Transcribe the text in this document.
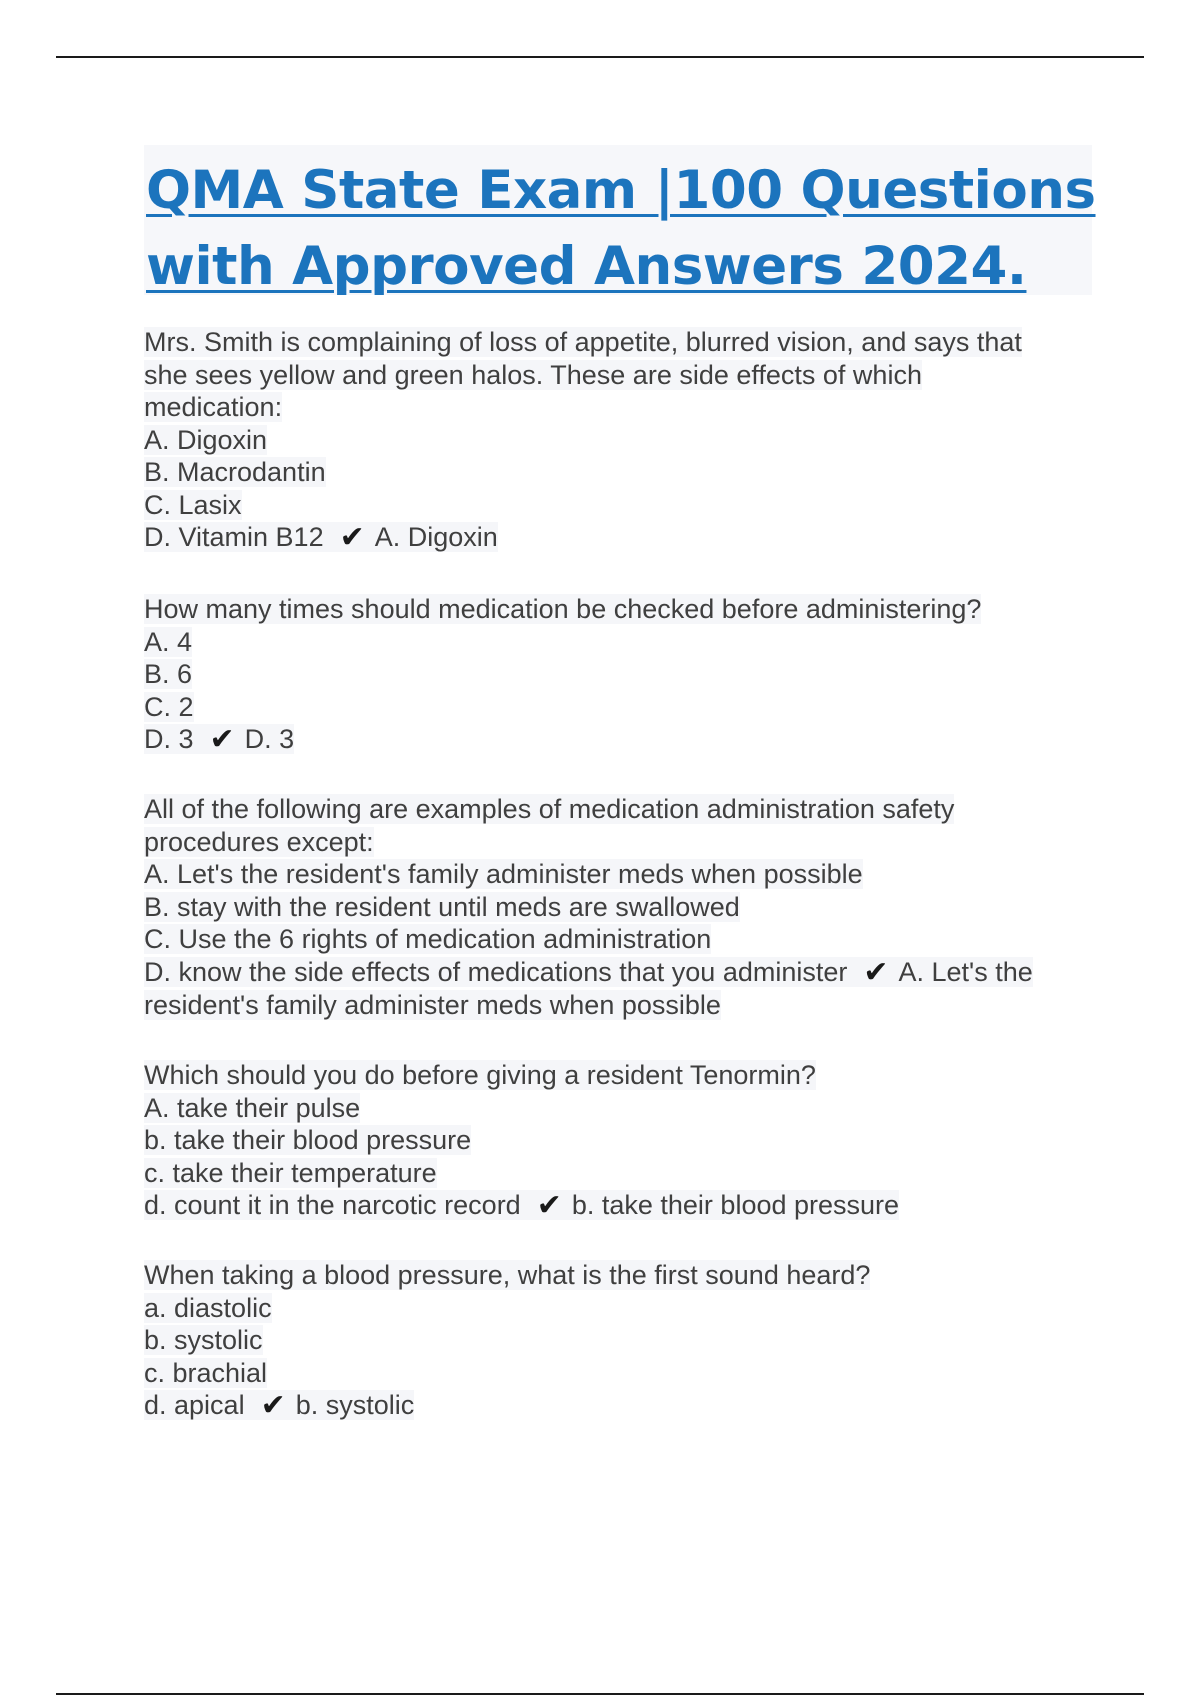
QMA State Exam |100 Questions
with Approved Answers 2024.
Mrs. Smith is complaining of loss of appetite, blurred vision, and says that
she sees yellow and green halos. These are side effects of which
medication:
A. Digoxin
B. Macrodantin
C. Lasix
D. Vitamin B12 ✔ A. Digoxin
How many times should medication be checked before administering?
A. 4
B. 6
C. 2
D. 3 ✔ D. 3
All of the following are examples of medication administration safety
procedures except:
A. Let's the resident's family administer meds when possible
B. stay with the resident until meds are swallowed
C. Use the 6 rights of medication administration
D. know the side effects of medications that you administer ✔ A. Let's the
resident's family administer meds when possible
Which should you do before giving a resident Tenormin?
A. take their pulse
b. take their blood pressure
c. take their temperature
d. count it in the narcotic record ✔ b. take their blood pressure
When taking a blood pressure, what is the first sound heard?
a. diastolic
b. systolic
c. brachial
d. apical ✔ b. systolic
